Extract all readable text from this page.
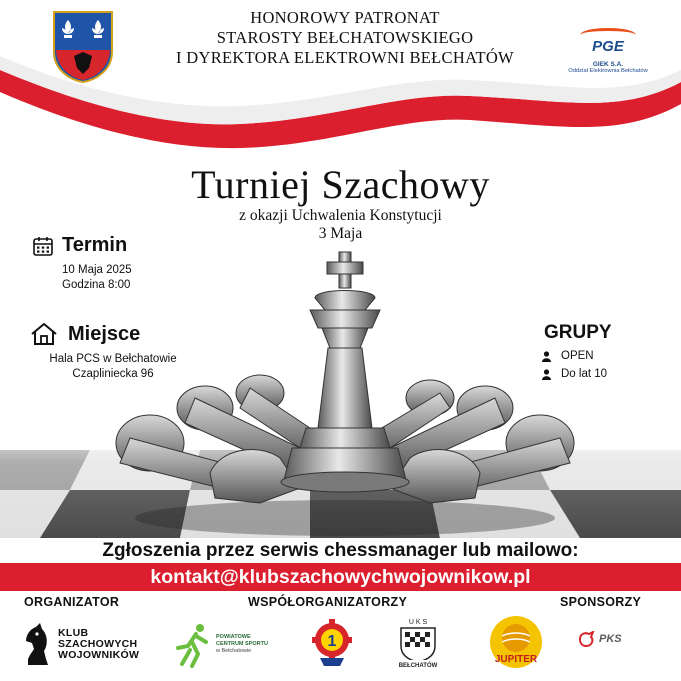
HONOROWY PATRONAT
STAROSTY BEŁCHATOWSKIEGO
I DYREKTORA ELEKTROWNI BEŁCHATÓW
PGE
GIEK S.A.
Oddział Elektrownia Bełchatów
Turniej Szachowy
z okazji Uchwalenia Konstytucji
3 Maja
Termin
10 Maja 2025
Godzina 8:00
Miejsce
Hala PCS w Bełchatowie
Czapliniecka 96
GRUPY
OPEN
Do lat 10
Zgłoszenia przez serwis chessmanager lub mailowo:
kontakt@klubszachowychwojownikow.pl
ORGANIZATOR	WSPÓŁORGANIZATORZY	SPONSORZY
KLUB
SZACHOWYCH
WOJOWNIKÓW
POWIATOWE
CENTRUM SPORTU
w Bełchatowie
1
U K S
BEŁCHATÓW
JUPITER
PKS
